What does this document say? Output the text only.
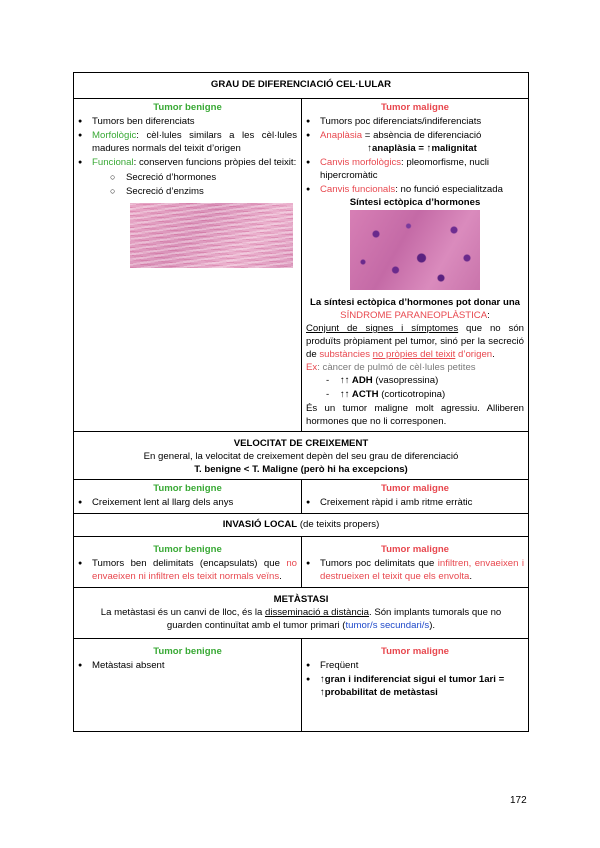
GRAU DE DIFERENCIACIÓ CEL·LULAR
Tumor benigne
● Tumors ben diferenciats
● Morfològic: cèl·lules similars a les cèl·lules madures normals del teixit d’origen
● Funcional: conserven funcions pròpies del teixit:
○ Secreció d’hormones
○ Secreció d’enzims
Tumor maligne
● Tumors poc diferenciats/indiferenciats
● Anaplàsia = absència de diferenciació

↑anaplàsia = ↑malignitat
● Canvis morfològics: pleomorfisme, nucli hipercromàtic
● Canvis funcionals: no funció especialitzada
Síntesi ectòpica d’hormones

La síntesi ectòpica d’hormones pot donar una

SÍNDROME PARANEOPLÀSTICA:

Conjunt de signes i símptomes que no són produïts pròpiament pel tumor, sinó per la secreció de substàncies no pròpies del teixit d’origen.

Ex: càncer de pulmó de cèl·lules petites

- ↑↑ ADH (vasopressina)
- ↑↑ ACTH (corticotropina)

És un tumor maligne molt agressiu. Alliberen hormones que no li corresponen.

VELOCITAT DE CREIXEMENT
En general, la velocitat de creixement depèn del seu grau de diferenciació
T. benigne < T. Maligne (però hi ha excepcions)
Tumor benigne
● Creixement lent al llarg dels anys
Tumor maligne
● Creixement ràpid i amb ritme erràtic
INVASIÓ LOCAL (de teixits propers)
Tumor benigne
● Tumors ben delimitats (encapsulats) que no envaeixen ni infiltren els teixit normals veïns.
Tumor maligne
● Tumors poc delimitats que infiltren, envaeixen i destrueixen el teixit que els envolta.
METÀSTASI
La metàstasi és un canvi de lloc, és la disseminació a distància. Són implants tumorals que no guarden continuïtat amb el tumor primari (tumor/s secundari/s).
Tumor benigne
● Metàstasi absent
Tumor maligne
● Freqüent
● ↑gran i indiferenciat sigui el tumor 1ari = ↑probabilitat de metàstasi
172
